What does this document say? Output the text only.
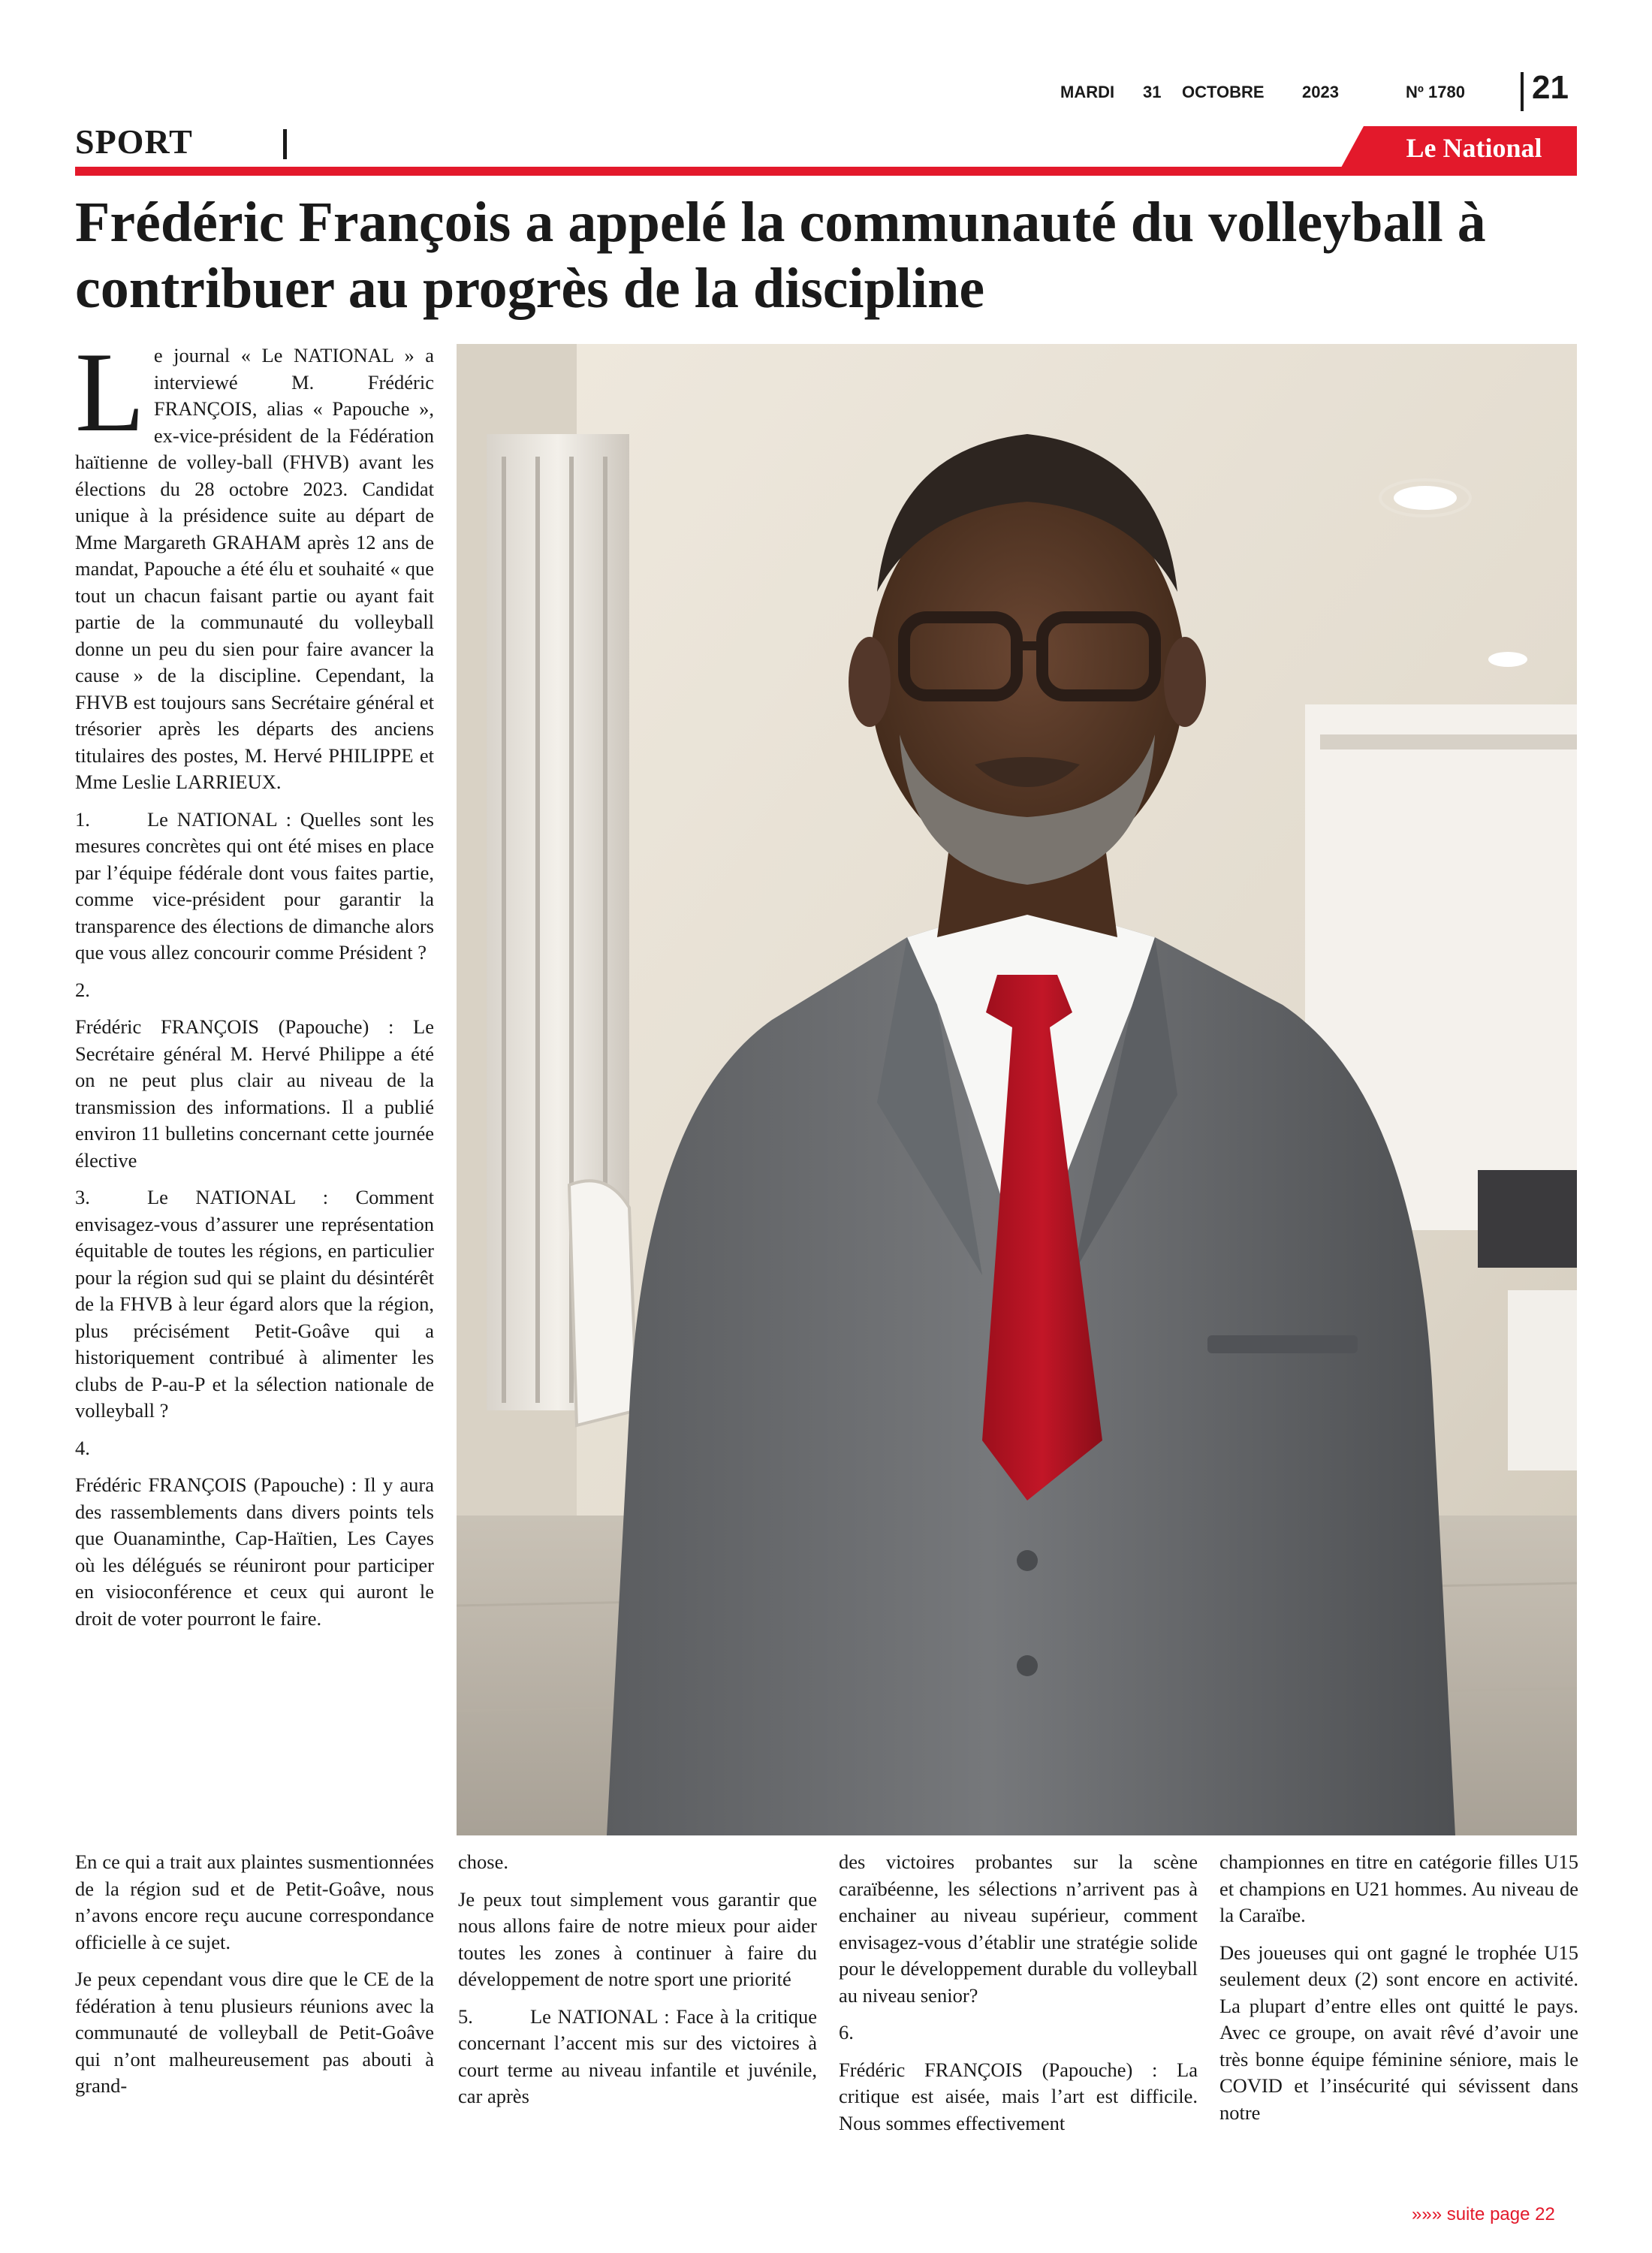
MARDI 31 OCTOBRE 2023	Nº 1780 21
SPORT	Le National
Frédéric François a appelé la communauté du volleyball à contribuer au progrès de la discipline

Le journal « Le NATIONAL » a interviewé M. Frédéric FRANÇOIS, alias « Papouche », ex-vice-président de la Fédération haïtienne de volley-ball (FHVB) avant les élections du 28 octobre 2023. Candidat unique à la présidence suite au départ de Mme Margareth GRAHAM après 12 ans de mandat, Papouche a été élu et souhaité « que tout un chacun faisant partie ou ayant fait partie de la communauté du volleyball donne un peu du sien pour faire avancer la cause » de la discipline. Cependant, la FHVB est toujours sans Secrétaire général et trésorier après les départs des anciens titulaires des postes, M. Hervé PHILIPPE et Mme Leslie LARRIEUX.

1.	Le NATIONAL : Quelles sont les mesures concrètes qui ont été mises en place par l’équipe fédérale dont vous faites partie, comme vice-président pour garantir la transparence des élections de dimanche alors que vous allez concourir comme Président ?

2.

Frédéric FRANÇOIS (Papouche) : Le Secrétaire général M. Hervé Philippe a été on ne peut plus clair au niveau de la transmission des informations. Il a publié environ 11 bulletins concernant cette journée élective

3.	Le NATIONAL : Comment envisagez-vous d’assurer une représentation équitable de toutes les régions, en particulier pour la région sud qui se plaint du désintérêt de la FHVB à leur égard alors que la région, plus précisément Petit-Goâve qui a historiquement contribué à alimenter les clubs de P-au-P et la sélection nationale de volleyball ?

4.

Frédéric FRANÇOIS (Papouche) : Il y aura des rassemblements dans divers points tels que Ouanaminthe, Cap-Haïtien, Les Cayes où les délégués se réuniront pour participer en visioconférence et ceux qui auront le droit de voter pourront le faire.

En ce qui a trait aux plaintes susmentionnées de la région sud et de Petit-Goâve, nous n’avons encore reçu aucune correspondance officielle à ce sujet.

Je peux cependant vous dire que le CE de la fédération à tenu plusieurs réunions avec la communauté de volleyball de Petit-Goâve qui n’ont malheureusement pas abouti à grand-

chose.

Je peux tout simplement vous garantir que nous allons faire de notre mieux pour aider toutes les zones à continuer à faire du développement de notre sport une priorité

5.	Le NATIONAL : Face à la critique concernant l’accent mis sur des victoires à court terme au niveau infantile et juvénile, car après

des victoires probantes sur la scène caraïbéenne, les sélections n’arrivent pas à enchainer au niveau supérieur, comment envisagez-vous d’établir une stratégie solide pour le développement durable du volleyball au niveau senior?

6.

Frédéric FRANÇOIS (Papouche) : La critique est aisée, mais l’art est difficile. Nous sommes effectivement

championnes en titre en catégorie filles U15 et champions en U21 hommes. Au niveau de la Caraïbe.

Des joueuses qui ont gagné le trophée U15 seulement deux (2) sont encore en activité. La plupart d’entre elles ont quitté le pays. Avec ce groupe, on avait rêvé d’avoir une très bonne équipe féminine séniore, mais le COVID et l’insécurité qui sévissent dans notre

»»» suite page 22
